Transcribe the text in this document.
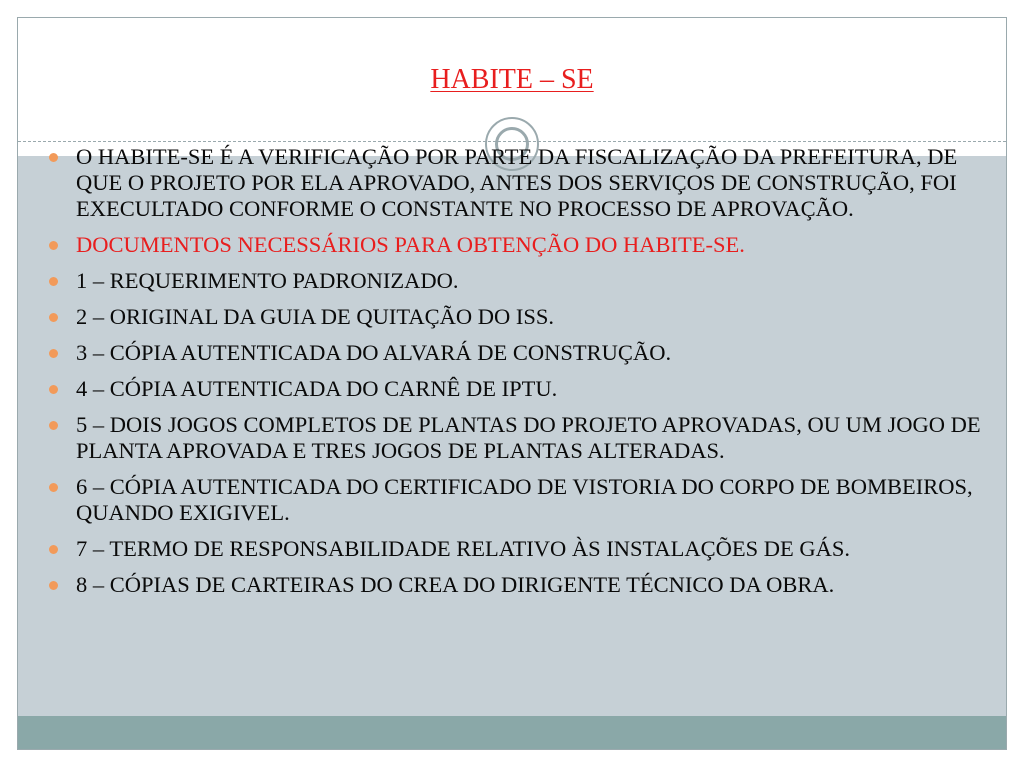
HABITE – SE
O HABITE-SE É A VERIFICAÇÃO POR PARTE DA FISCALIZAÇÃO DA PREFEITURA, DE QUE O PROJETO POR ELA APROVADO, ANTES DOS SERVIÇOS DE CONSTRUÇÃO, FOI EXECULTADO CONFORME O CONSTANTE NO PROCESSO DE APROVAÇÃO.
DOCUMENTOS NECESSÁRIOS PARA OBTENÇÃO DO HABITE-SE.
1 – REQUERIMENTO PADRONIZADO.
2 – ORIGINAL DA GUIA DE QUITAÇÃO DO ISS.
3 – CÓPIA AUTENTICADA DO ALVARÁ DE CONSTRUÇÃO.
4 – CÓPIA AUTENTICADA DO CARNÊ DE IPTU.
5 – DOIS JOGOS COMPLETOS DE PLANTAS DO PROJETO APROVADAS, OU UM JOGO DE PLANTA APROVADA E TRES JOGOS DE PLANTAS ALTERADAS.
6 – CÓPIA AUTENTICADA DO CERTIFICADO DE VISTORIA DO CORPO DE BOMBEIROS, QUANDO EXIGIVEL.
7 – TERMO DE RESPONSABILIDADE RELATIVO ÀS INSTALAÇÕES DE GÁS.
8 – CÓPIAS DE CARTEIRAS DO CREA DO DIRIGENTE TÉCNICO DA OBRA.
